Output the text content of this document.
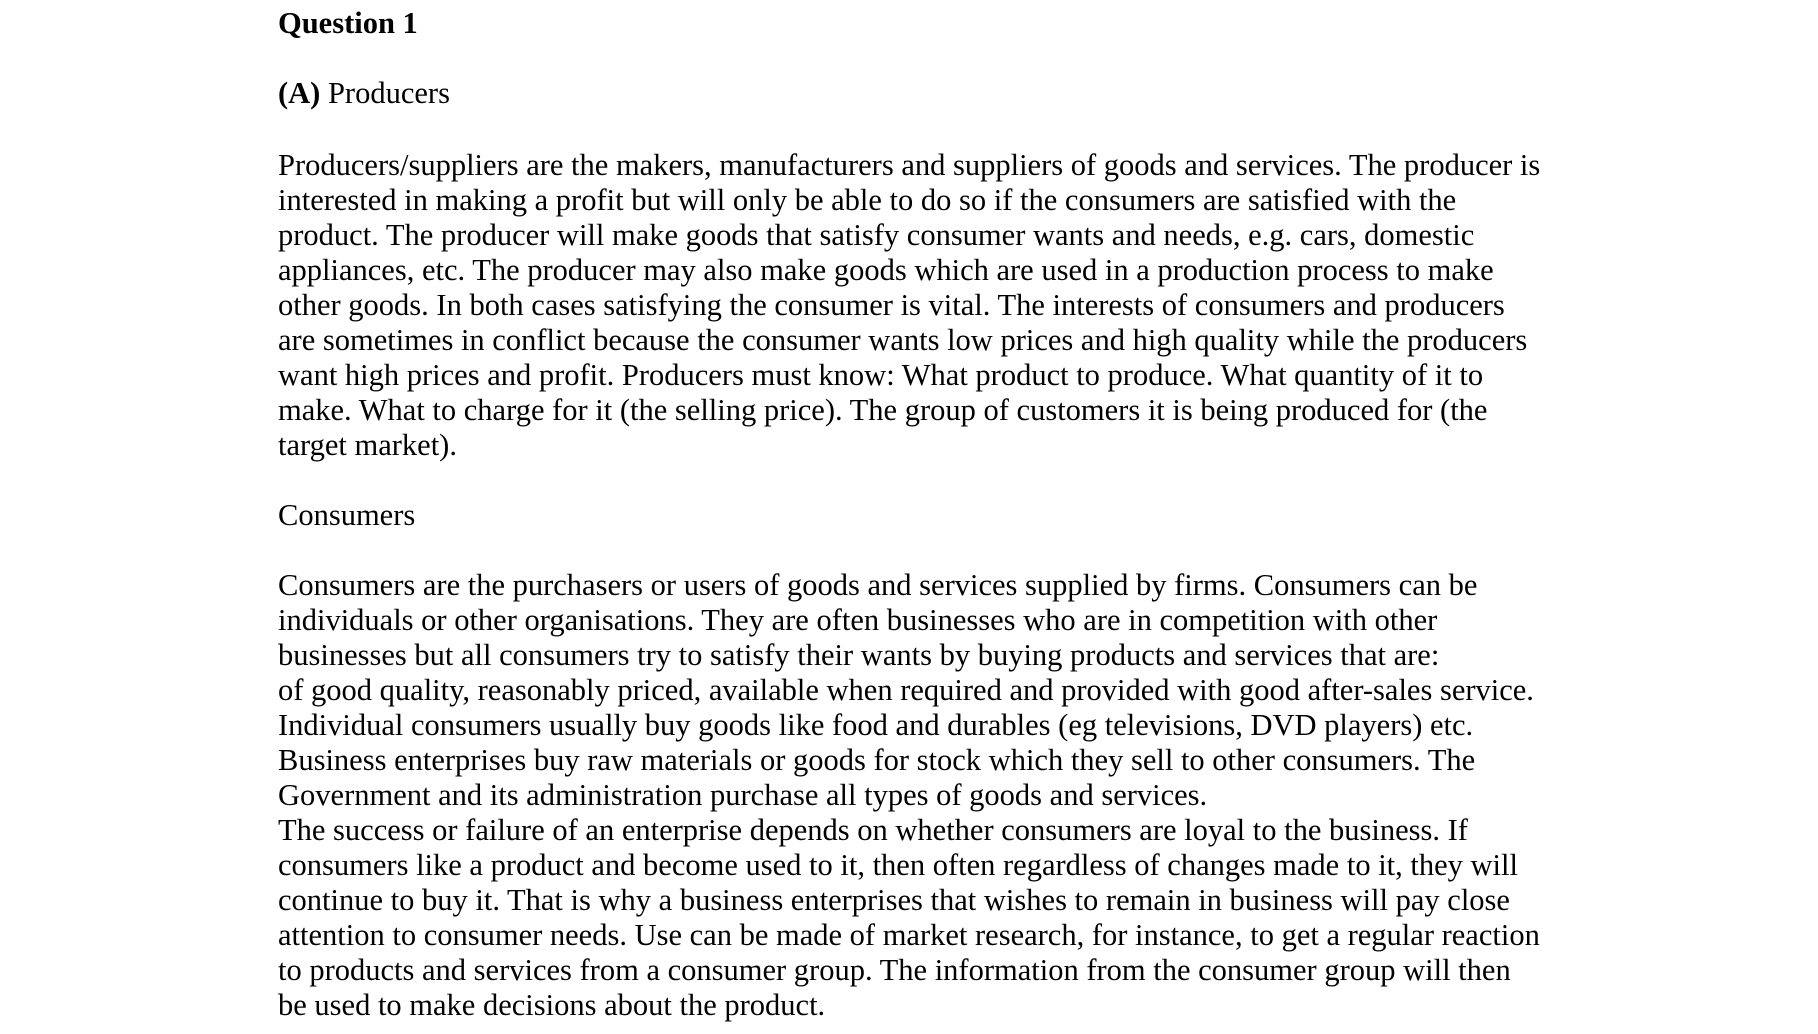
Question 1
(A) Producers
Producers/suppliers are the makers, manufacturers and suppliers of goods and services. The producer is
interested in making a profit but will only be able to do so if the consumers are satisfied with the
product. The producer will make goods that satisfy consumer wants and needs, e.g. cars, domestic
appliances, etc. The producer may also make goods which are used in a production process to make
other goods. In both cases satisfying the consumer is vital. The interests of consumers and producers
are sometimes in conflict because the consumer wants low prices and high quality while the producers
want high prices and profit. Producers must know: What product to produce. What quantity of it to
make. What to charge for it (the selling price). The group of customers it is being produced for (the
target market).
Consumers
Consumers are the purchasers or users of goods and services supplied by firms. Consumers can be
individuals or other organisations. They are often businesses who are in competition with other
businesses but all consumers try to satisfy their wants by buying products and services that are:
of good quality, reasonably priced, available when required and provided with good after-sales service.
Individual consumers usually buy goods like food and durables (eg televisions, DVD players) etc.
Business enterprises buy raw materials or goods for stock which they sell to other consumers. The
Government and its administration purchase all types of goods and services.
The success or failure of an enterprise depends on whether consumers are loyal to the business. If
consumers like a product and become used to it, then often regardless of changes made to it, they will
continue to buy it. That is why a business enterprises that wishes to remain in business will pay close
attention to consumer needs. Use can be made of market research, for instance, to get a regular reaction
to products and services from a consumer group. The information from the consumer group will then
be used to make decisions about the product.
